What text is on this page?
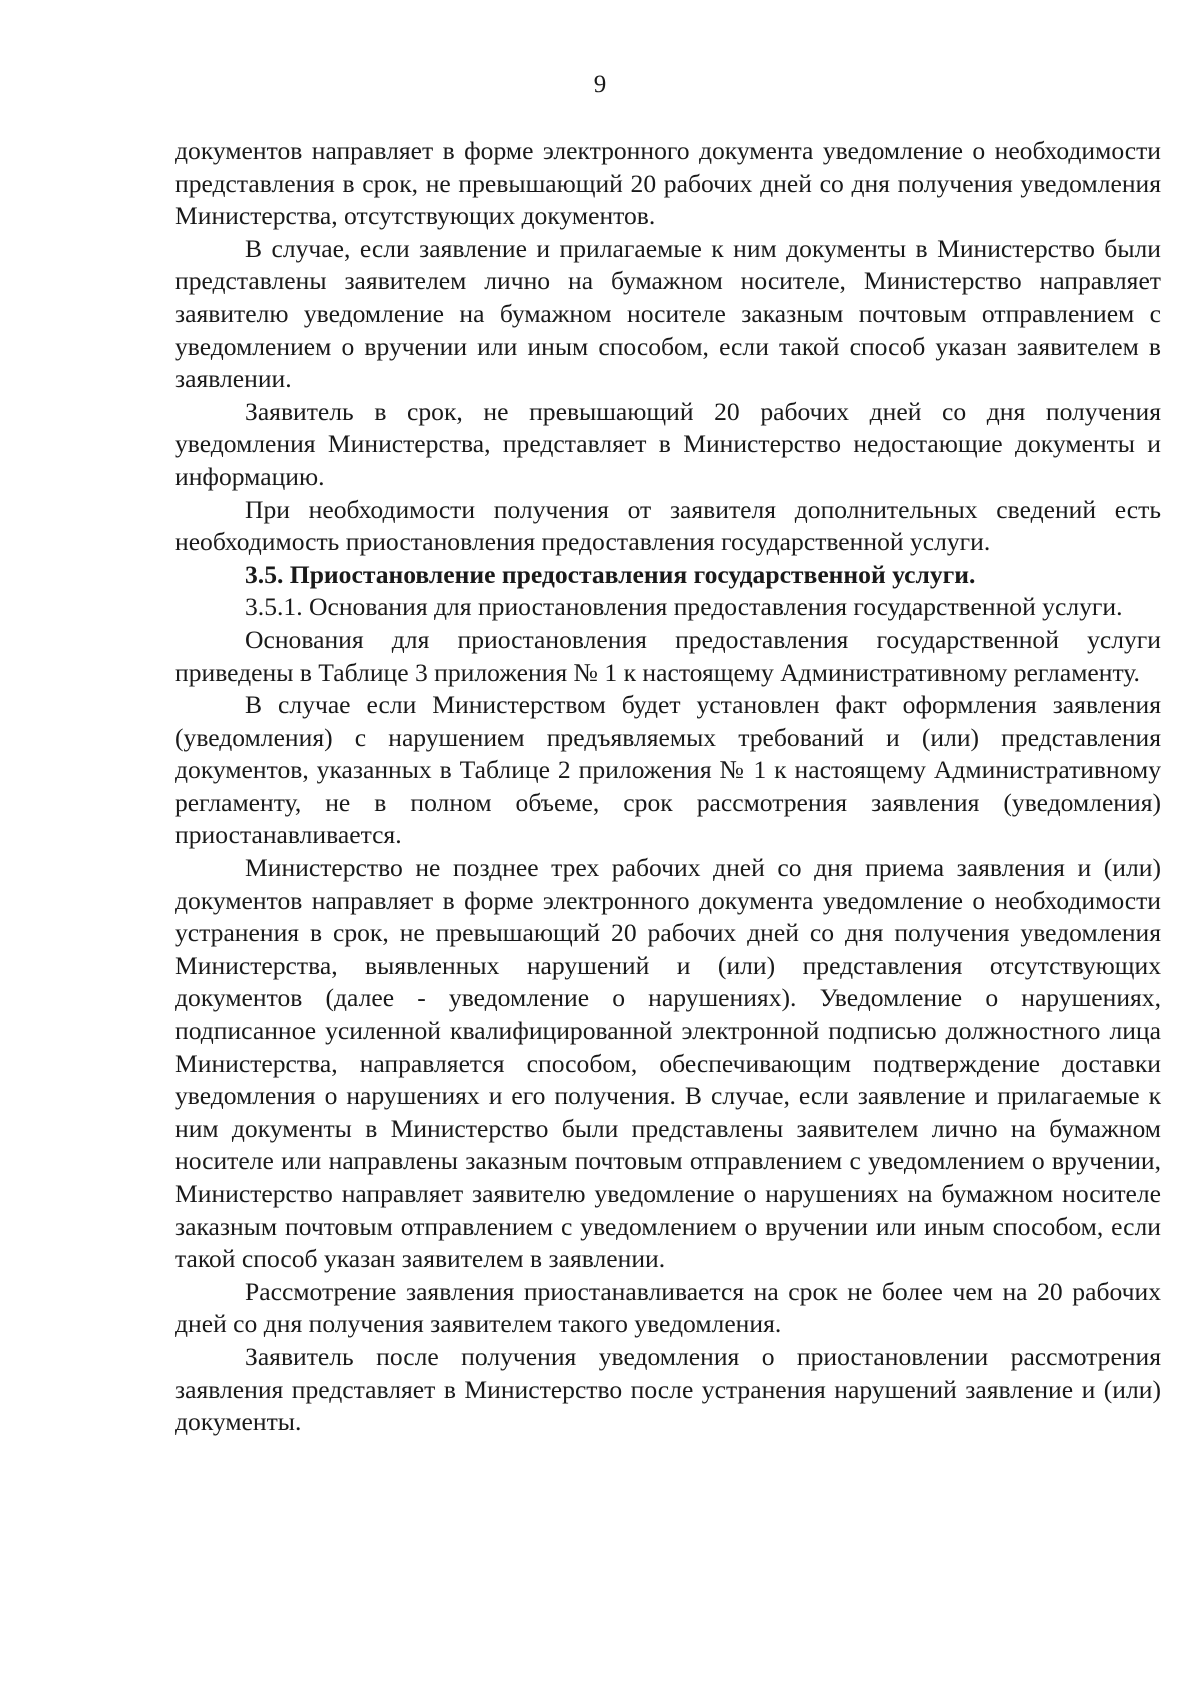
9

документов направляет в форме электронного документа уведомление о необходимости представления в срок, не превышающий 20 рабочих дней со дня получения уведомления Министерства, отсутствующих документов.

В случае, если заявление и прилагаемые к ним документы в Министерство были представлены заявителем лично на бумажном носителе, Министерство направляет заявителю уведомление на бумажном носителе заказным почтовым отправлением с уведомлением о вручении или иным способом, если такой способ указан заявителем в заявлении.

Заявитель в срок, не превышающий 20 рабочих дней со дня получения уведомления Министерства, представляет в Министерство недостающие документы и информацию.

При необходимости получения от заявителя дополнительных сведений есть необходимость приостановления предоставления государственной услуги.

3.5. Приостановление предоставления государственной услуги.

3.5.1. Основания для приостановления предоставления государственной услуги.

Основания для приостановления предоставления государственной услуги приведены в Таблице 3 приложения № 1 к настоящему Административному регламенту.

В случае если Министерством будет установлен факт оформления заявления (уведомления) с нарушением предъявляемых требований и (или) представления документов, указанных в Таблице 2 приложения № 1 к настоящему Административному регламенту, не в полном объеме, срок рассмотрения заявления (уведомления) приостанавливается.

Министерство не позднее трех рабочих дней со дня приема заявления и (или) документов направляет в форме электронного документа уведомление о необходимости устранения в срок, не превышающий 20 рабочих дней со дня получения уведомления Министерства, выявленных нарушений и (или) представления отсутствующих документов (далее - уведомление о нарушениях). Уведомление о нарушениях, подписанное усиленной квалифицированной электронной подписью должностного лица Министерства, направляется способом, обеспечивающим подтверждение доставки уведомления о нарушениях и его получения. В случае, если заявление и прилагаемые к ним документы в Министерство были представлены заявителем лично на бумажном носителе или направлены заказным почтовым отправлением с уведомлением о вручении, Министерство направляет заявителю уведомление о нарушениях на бумажном носителе заказным почтовым отправлением с уведомлением о вручении или иным способом, если такой способ указан заявителем в заявлении.

Рассмотрение заявления приостанавливается на срок не более чем на 20 рабочих дней со дня получения заявителем такого уведомления.

Заявитель после получения уведомления о приостановлении рассмотрения заявления представляет в Министерство после устранения нарушений заявление и (или) документы.
